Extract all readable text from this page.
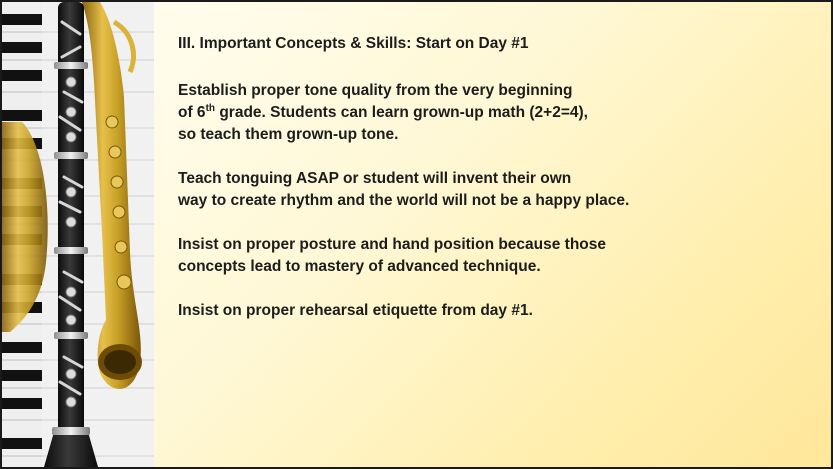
III. Important Concepts & Skills: Start on Day #1

Establish proper tone quality from the very beginning
of 6th grade. Students can learn grown-up math (2+2=4),
so teach them grown-up tone.

Teach tonguing ASAP or student will invent their own
way to create rhythm and the world will not be a happy place.

Insist on proper posture and hand position because those
concepts lead to mastery of advanced technique.

Insist on proper rehearsal etiquette from day #1.
